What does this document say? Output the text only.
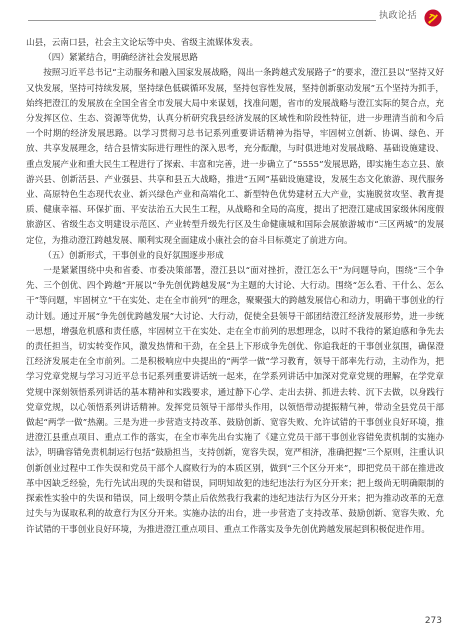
执政论括

山县，云南口县，社会主文论坛等中央、省级主流媒体发表。

（四）紧紧结合，明确经济社会发展思路

按照习近平总书记“主动服务和融入国家发展战略，闯出一条跨越式发展路子”的要求，澄江县以“坚持又好又快发展，坚持可持续发展，坚持绿色低碳循环发展，坚持包容性发展，坚持创新驱动发展”五个坚持为抓手，始终把澄江的发展放在全国全省全市发展大局中来谋划，找准问题，省市的发展战略与澄江实际的契合点，充分发挥区位、生态、资源等优势，认真分析研究我县经济发展的区域性和阶段性特征，进一步理清当前和今后一个时期的经济发展思路。以学习贯彻习总书记系列重要讲话精神为指导，牢固树立创新、协调、绿色、开放、共享发展理念，结合县情实际进行理性的深入思考，充分酝酿，与时俱进地对发展战略、基础设施建设、重点发展产业和重大民生工程进行了探索、丰富和完善，进一步确立了“5555”发展思路，即实施生态立县、旅游兴县、创新活县、产业强县、共享和县五大战略，推进“五网”基础设施建设，发展生态文化旅游、现代服务业、高原特色生态现代农业、新兴绿色产业和高端化工、新型特色优势建材五大产业，实施脱贫攻坚、教育提质、健康幸福、环保扩面、平安法治五大民生工程，从战略和全局的高度，提出了把澄江建成国家级休闲度假旅游区、省级生态文明建设示范区、产业转型升级先行区及生命健康城和国际会展旅游城市“三区两城”的发展定位，为推动澄江跨越发展、顺利实现全面建成小康社会的奋斗目标奠定了前进方向。

（五）创新形式，干事创业的良好氛围逐步形成

一是紧紧围绕中央和省委、市委决策部署，澄江县以“面对挫折，澄江怎么干”为问题导向，围绕“三个争先、三个创优、四个跨越”开展以“争先创优跨越发展”为主题的大讨论、大行动。围绕“怎么看、干什么、怎么干”等问题，牢固树立“干在实处、走在全市前列”的理念，聚聚强大的跨越发展信心和动力，明确干事创业的行动计划。通过开展“争先创优跨越发展”大讨论、大行动，促使全县领导干部团结澄江经济发展形势，进一步统一思想，增强危机感和责任感，牢固树立干在实处、走在全市前列的思想理念，以时不我待的紧迫感和争先去的责任担当，切实转变作风，激发热情和干劲，在全县上下形成争先创优、你追我赶的干事创业氛围，确保澄江经济发展走在全市前列。二是积极响应中央提出的“两学一做”学习教育，领导干部率先行动，主动作为，把学习党章党规与学习习近平总书记系列重要讲话统一起来，在学系列讲话中加深对党章党规的理解，在学党章党规中深刻领悟系列讲话的基本精神和实践要求，通过静下心学、走出去拼、抓进去转、沉下去做，以身践行党章党规，以心领悟系列讲话精神。发挥党员领导干部带头作用，以领悟带动提振精气神，带动全县党员干部做起“两学一做”热潮。三是为进一步营造支持改革、鼓励创新、宽容失败、允许试错的干事创业良好环境，推进澄江县重点项目、重点工作的落实，在全市率先出台实施了《建立党员干部干事创业容错免责机制的实施办法》，明确容错免责机制运行包括“鼓励担当，支持创新，宽容失误，宽严相济，准确把握”三个原则，注重认识创新创业过程中工作失误和党员干部个人腐败行为的本质区别，做到“三个区分开来”，即把党员干部在推进改革中因缺乏经验，先行先试出现的失误和错误，同明知故犯的违纪违法行为区分开来；把上级尚无明确限制的探索性实验中的失误和错误，同上级明令禁止后依然我行我素的违纪违法行为区分开来；把为推动改革的无意过失与为谋取私利的故意行为区分开来。实施办法的出台，进一步营造了支持改革、鼓励创新、宽容失败、允许试错的干事创业良好环境，为推进澄江重点项目、重点工作落实及争先创优跨越发展起到积极促进作用。

273
